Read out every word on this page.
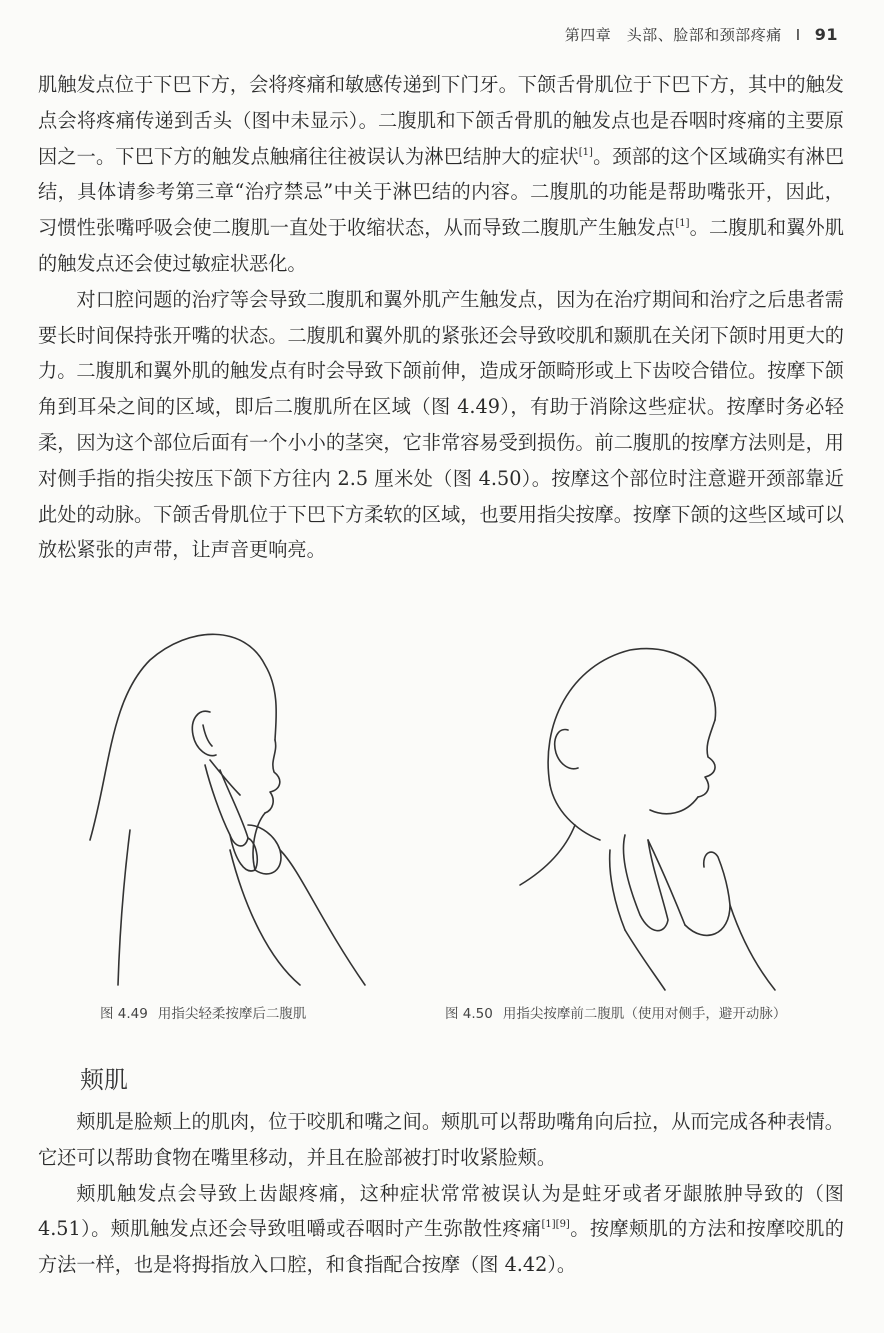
第四章　头部、脸部和颈部疼痛 I 91

肌触发点位于下巴下方，会将疼痛和敏感传递到下门牙。下颌舌骨肌位于下巴下方，其中的触发点会将疼痛传递到舌头（图中未显示）。二腹肌和下颌舌骨肌的触发点也是吞咽时疼痛的主要原因之一。下巴下方的触发点触痛往往被误认为淋巴结肿大的症状[1]。颈部的这个区域确实有淋巴结，具体请参考第三章“治疗禁忌”中关于淋巴结的内容。二腹肌的功能是帮助嘴张开，因此，习惯性张嘴呼吸会使二腹肌一直处于收缩状态，从而导致二腹肌产生触发点[1]。二腹肌和翼外肌的触发点还会使过敏症状恶化。

对口腔问题的治疗等会导致二腹肌和翼外肌产生触发点，因为在治疗期间和治疗之后患者需要长时间保持张开嘴的状态。二腹肌和翼外肌的紧张还会导致咬肌和颞肌在关闭下颌时用更大的力。二腹肌和翼外肌的触发点有时会导致下颌前伸，造成牙颌畸形或上下齿咬合错位。按摩下颌角到耳朵之间的区域，即后二腹肌所在区域（图 4.49），有助于消除这些症状。按摩时务必轻柔，因为这个部位后面有一个小小的茎突，它非常容易受到损伤。前二腹肌的按摩方法则是，用对侧手指的指尖按压下颌下方往内 2.5 厘米处（图 4.50）。按摩这个部位时注意避开颈部靠近此处的动脉。下颌舌骨肌位于下巴下方柔软的区域，也要用指尖按摩。按摩下颌的这些区域可以放松紧张的声带，让声音更响亮。

图 4.49 用指尖轻柔按摩后二腹肌	图 4.50 用指尖按摩前二腹肌（使用对侧手，避开动脉）
颊肌

颊肌是脸颊上的肌肉，位于咬肌和嘴之间。颊肌可以帮助嘴角向后拉，从而完成各种表情。它还可以帮助食物在嘴里移动，并且在脸部被打时收紧脸颊。

颊肌触发点会导致上齿龈疼痛，这种症状常常被误认为是蛀牙或者牙龈脓肿导致的（图 4.51）。颊肌触发点还会导致咀嚼或吞咽时产生弥散性疼痛[1][9]。按摩颊肌的方法和按摩咬肌的方法一样，也是将拇指放入口腔，和食指配合按摩（图 4.42）。
